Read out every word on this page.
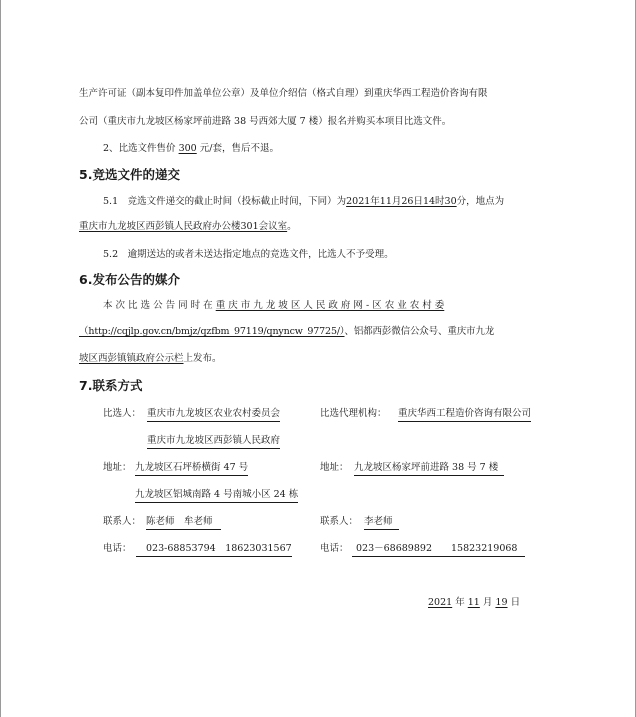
生产许可证（副本复印件加盖单位公章）及单位介绍信（格式自理）到重庆华西工程造价咨询有限
公司（重庆市九龙坡区杨家坪前进路 38 号西郊大厦 7 楼）报名并购买本项目比选文件。
2、比选文件售价 300 元/套，售后不退。
5.竞选文件的递交
5.1　竞选文件递交的截止时间（投标截止时间，下同）为2021年11月26日14时30分，地点为
重庆市九龙坡区西彭镇人民政府办公楼301会议室。
5.2　逾期送达的或者未送达指定地点的竞选文件，比选人不予受理。
6.发布公告的媒介
本 次 比 选 公 告 同 时 在 重 庆 市 九 龙 坡 区 人 民 政 府 网 - 区 农 业 农 村 委
（http://cqjlp.gov.cn/bmjz/qzfbm_97119/qnyncw_97725/）、铝都西彭微信公众号、重庆市九龙
坡区西彭镇镇政府公示栏上发布。
7.联系方式
比选人： 重庆市九龙坡区农业农村委员会	比选代理机构： 重庆华西工程造价咨询有限公司
重庆市九龙坡区西彭镇人民政府
地址： 九龙坡区石坪桥横街 47 号	地址： 九龙坡区杨家坪前进路 38 号 7 楼
九龙坡区铝城南路 4 号南城小区 24 栋
联系人： 陈老师　牟老师	联系人： 李老师
电话：	023-68853794　18623031567	电话： 023－68689892　　15823219068
2021 年 11 月 19 日
